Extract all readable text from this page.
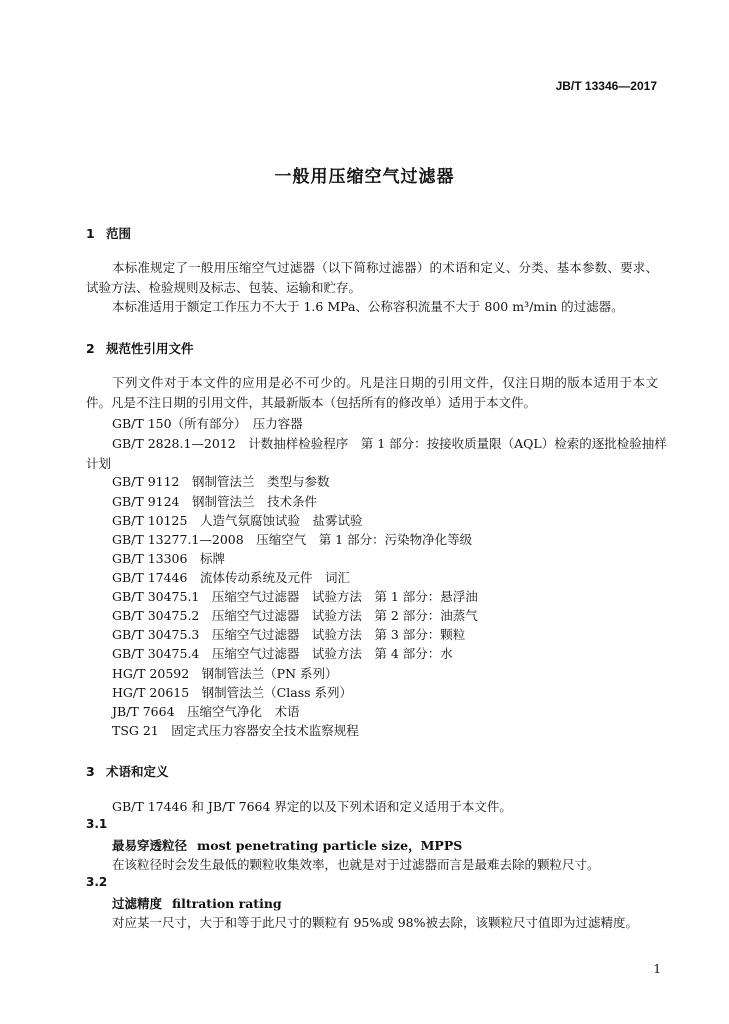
JB/T 13346—2017
一般用压缩空气过滤器
1 范围
本标准规定了一般用压缩空气过滤器（以下简称过滤器）的术语和定义、分类、基本参数、要求、试验方法、检验规则及标志、包装、运输和贮存。
本标准适用于额定工作压力不大于 1.6 MPa、公称容积流量不大于 800 m³/min 的过滤器。
2 规范性引用文件
下列文件对于本文件的应用是必不可少的。凡是注日期的引用文件，仅注日期的版本适用于本文件。凡是不注日期的引用文件，其最新版本（包括所有的修改单）适用于本文件。
GB/T 150（所有部分）　压力容器
GB/T 2828.1—2012　计数抽样检验程序　第 1 部分：按接收质量限（AQL）检索的逐批检验抽样
计划
GB/T 9112　钢制管法兰　类型与参数
GB/T 9124　钢制管法兰　技术条件
GB/T 10125　人造气氛腐蚀试验　盐雾试验
GB/T 13277.1—2008　压缩空气　第 1 部分：污染物净化等级
GB/T 13306　标牌
GB/T 17446　流体传动系统及元件　词汇
GB/T 30475.1　压缩空气过滤器　试验方法　第 1 部分：悬浮油
GB/T 30475.2　压缩空气过滤器　试验方法　第 2 部分：油蒸气
GB/T 30475.3　压缩空气过滤器　试验方法　第 3 部分：颗粒
GB/T 30475.4　压缩空气过滤器　试验方法　第 4 部分：水
HG/T 20592　钢制管法兰（PN 系列）
HG/T 20615　钢制管法兰（Class 系列）
JB/T 7664　压缩空气净化　术语
TSG 21　固定式压力容器安全技术监察规程
3 术语和定义
GB/T 17446 和 JB/T 7664 界定的以及下列术语和定义适用于本文件。
3.1
最易穿透粒径 most penetrating particle size，MPPS
在该粒径时会发生最低的颗粒收集效率，也就是对于过滤器而言是最难去除的颗粒尺寸。
3.2
过滤精度 filtration rating
对应某一尺寸，大于和等于此尺寸的颗粒有 95%或 98%被去除，该颗粒尺寸值即为过滤精度。
1
